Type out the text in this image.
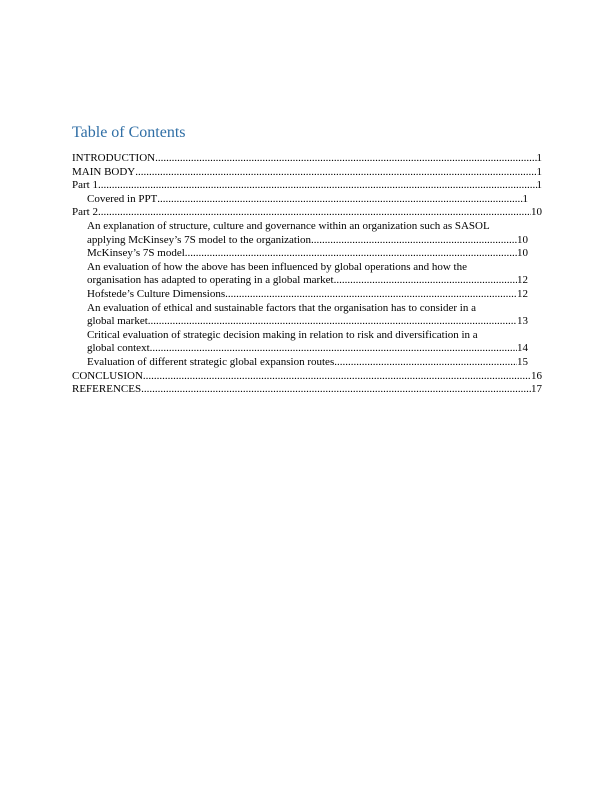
Table of Contents
INTRODUCTION .....	1
MAIN BODY .....	1
Part 1 .....	1
Covered in PPT .....	1
Part 2 .....	10
An explanation of structure, culture and governance within an organization such as SASOL
applying McKinsey’s 7S model to the organization .....	10
McKinsey’s 7S model .....	10
An evaluation of how the above has been influenced by global operations and how the
organisation has adapted to operating in a global market .....	12
Hofstede’s Culture Dimensions .....	12
An evaluation of ethical and sustainable factors that the organisation has to consider in a
global market .....	13
Critical evaluation of strategic decision making in relation to risk and diversification in a
global context .....	14
Evaluation of different strategic global expansion routes .....	15
CONCLUSION .....	16
REFERENCES .....	17
